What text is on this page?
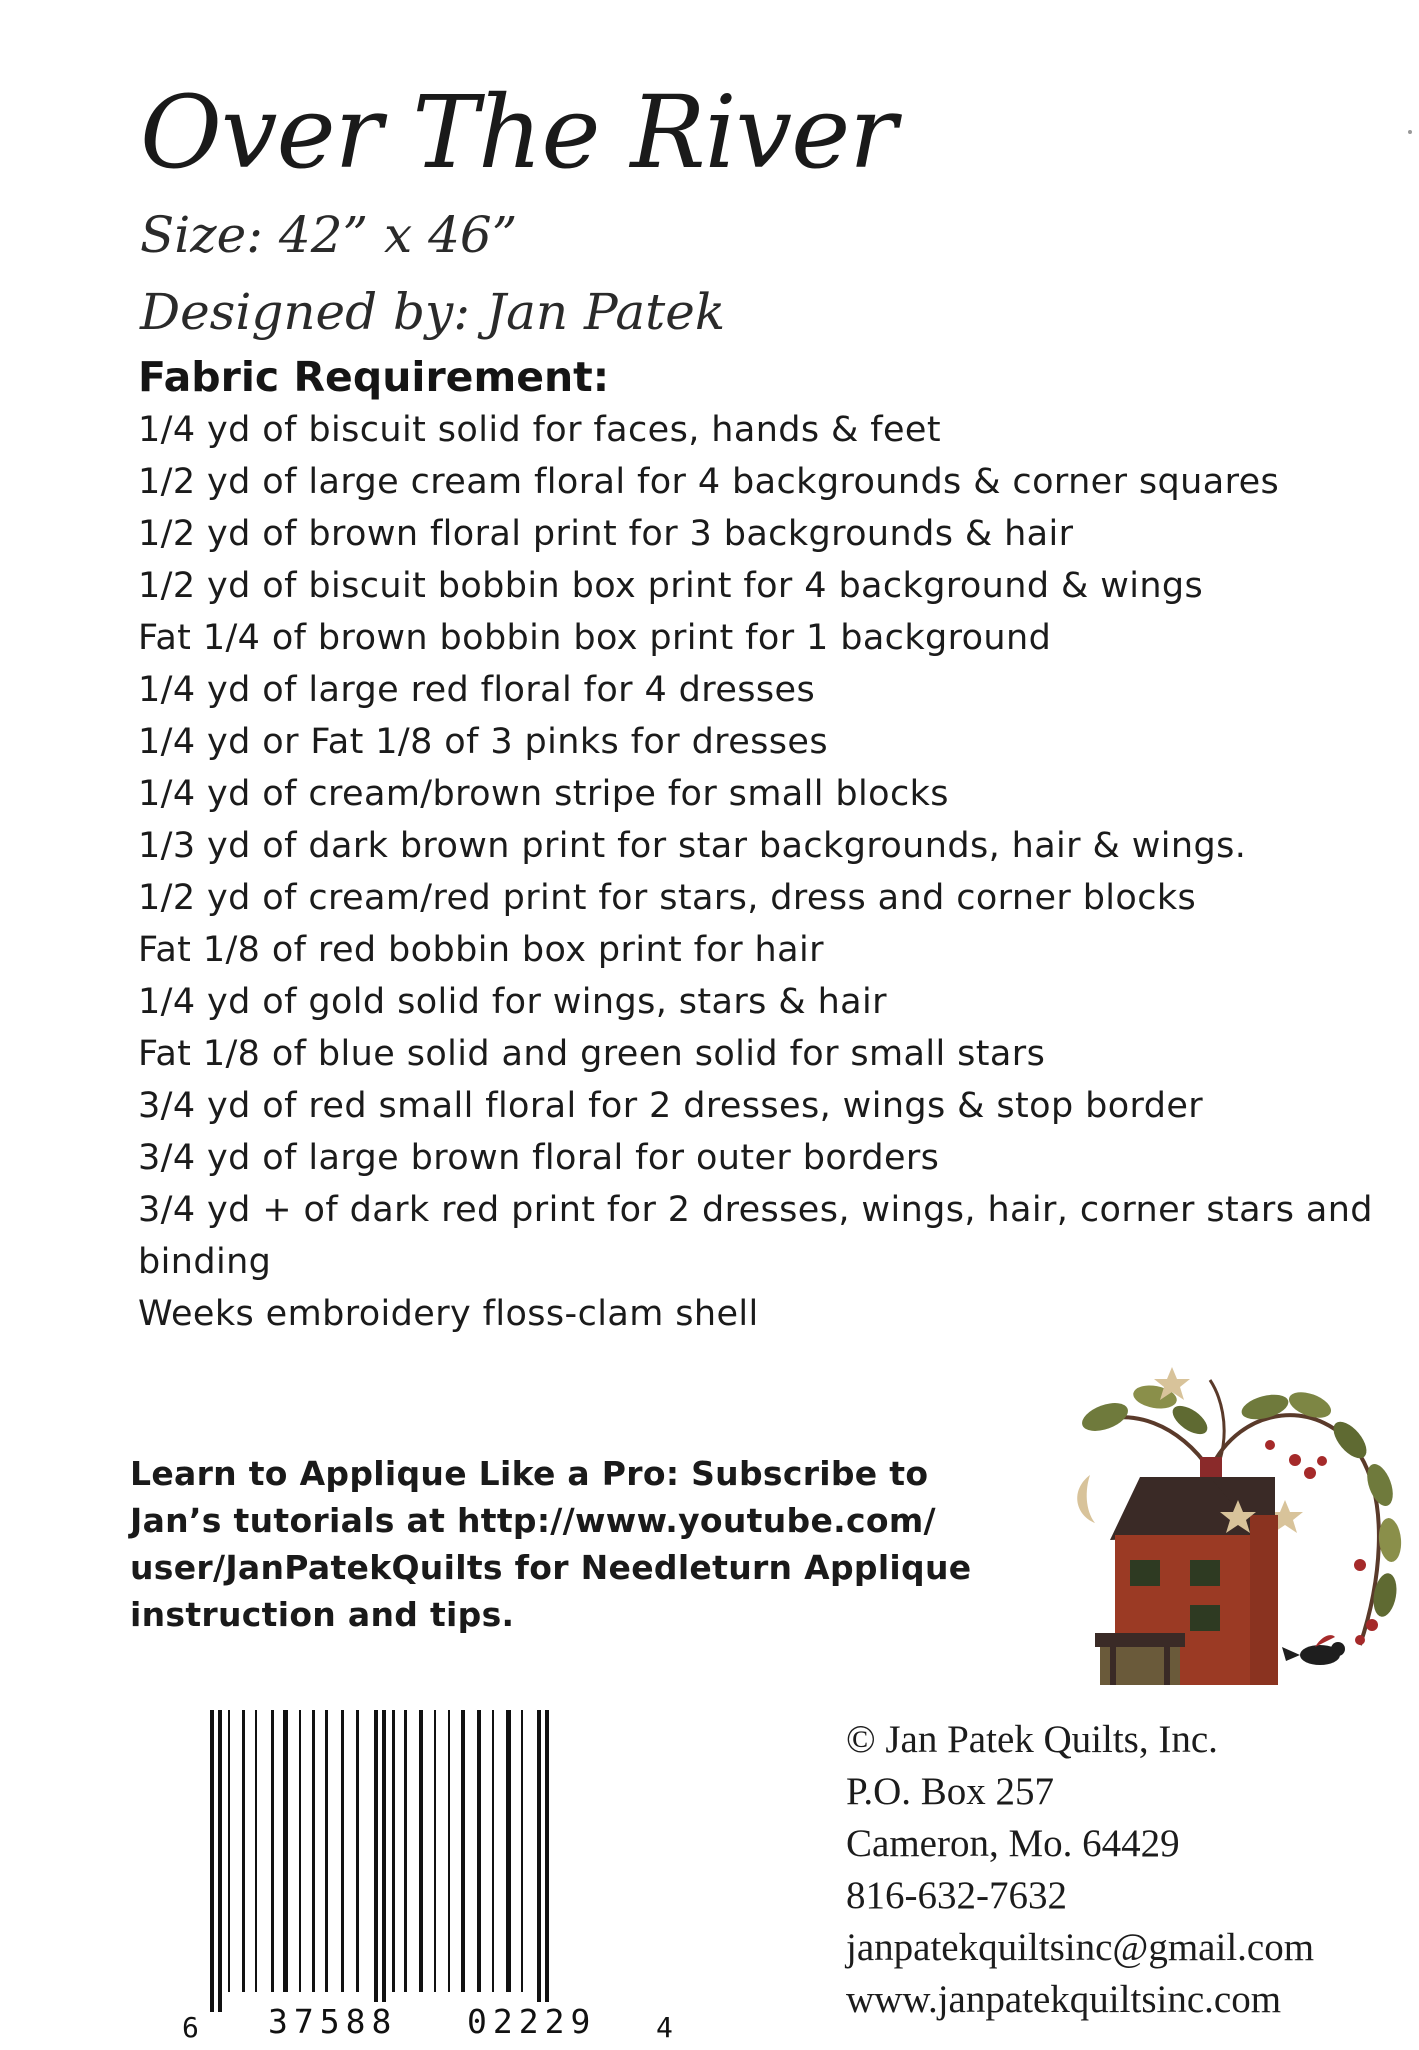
Over The River
Size: 42” x 46”
Designed by: Jan Patek
Fabric Requirement:
1/4 yd of biscuit solid for faces, hands & feet
1/2 yd of large cream floral for 4 backgrounds & corner squares
1/2 yd of brown floral print for 3 backgrounds & hair
1/2 yd of biscuit bobbin box print for 4 background & wings
Fat 1/4 of brown bobbin box print for 1 background
1/4 yd of large red floral for 4 dresses
1/4 yd or Fat 1/8 of 3 pinks for dresses
1/4 yd of cream/brown stripe for small blocks
1/3 yd of dark brown print for star backgrounds, hair & wings.
1/2 yd of cream/red print for stars, dress and corner blocks
Fat 1/8 of red bobbin box print for hair
1/4 yd of gold solid for wings, stars & hair
Fat 1/8 of blue solid and green solid for small stars
3/4 yd of red small floral for 2 dresses, wings & stop border
3/4 yd of large brown floral for outer borders
3/4 yd + of dark red print for 2 dresses, wings, hair, corner stars and binding
Weeks embroidery floss-clam shell

Learn to Applique Like a Pro: Subscribe to
Jan’s tutorials at http://www.youtube.com/
user/JanPatekQuilts for Needleturn Applique
instruction and tips.

6 37588 02229 4
© Jan Patek Quilts, Inc.
P.O. Box 257
Cameron, Mo. 64429
816-632-7632
janpatekquiltsinc@gmail.com
www.janpatekquiltsinc.com
